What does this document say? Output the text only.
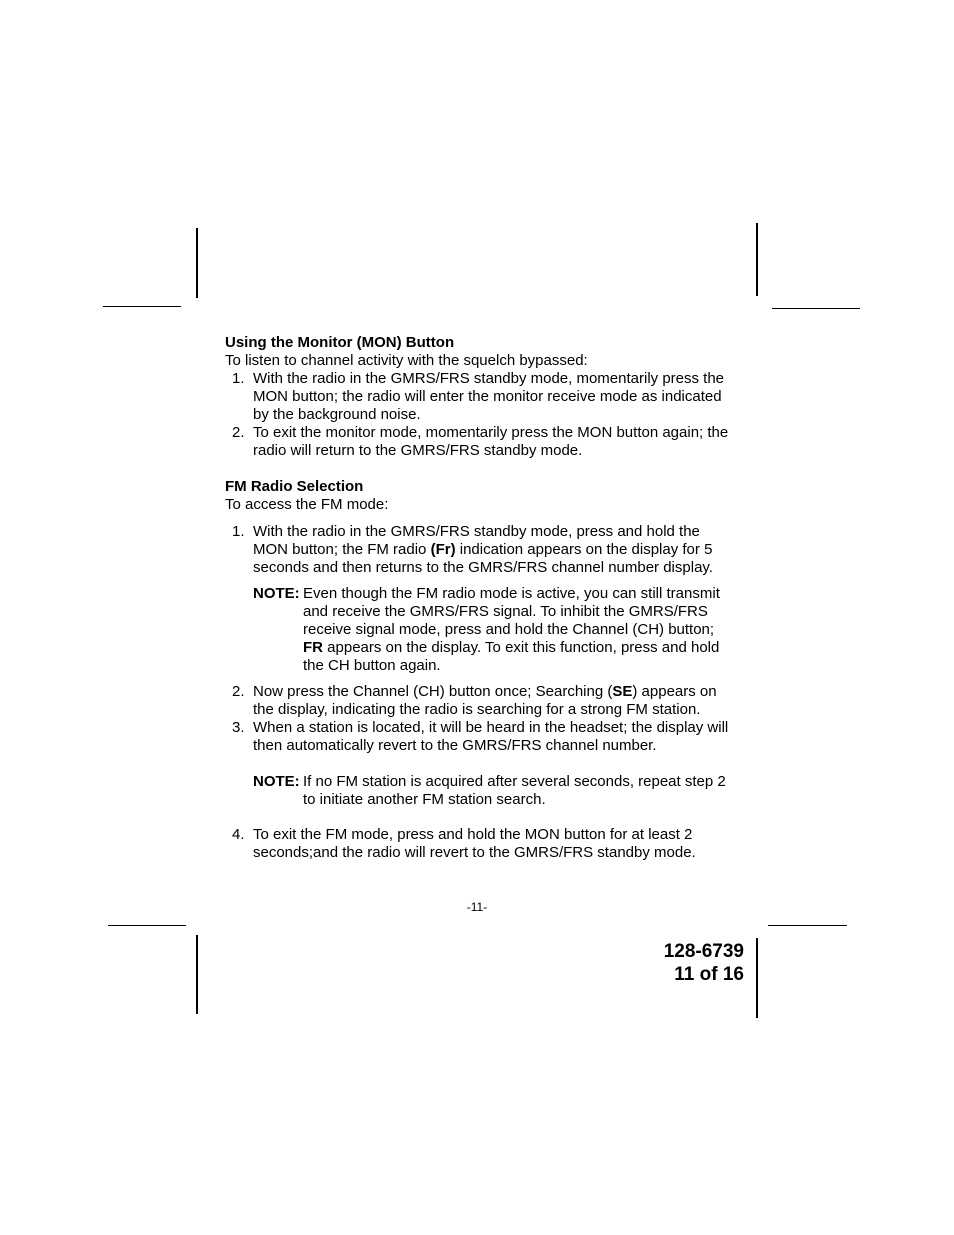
Using the Monitor (MON) Button

To listen to channel activity with the squelch bypassed:

1. With the radio in the GMRS/FRS standby mode, momentarily press the MON button; the radio will enter the monitor receive mode as indicated by the background noise.
2. To exit the monitor mode, momentarily press the MON button again; the radio will return to the GMRS/FRS standby mode.

FM Radio Selection

To access the FM mode:

1. With the radio in the GMRS/FRS standby mode, press and hold the MON button; the FM radio (Fr) indication appears on the display for 5 seconds and then returns to the GMRS/FRS channel number display.
NOTE: Even though the FM radio mode is active, you can still transmit and receive the GMRS/FRS signal. To inhibit the GMRS/FRS receive signal mode, press and hold the Channel (CH) button; FR appears on the display. To exit this function, press and hold the CH button again.
2. Now press the Channel (CH) button once; Searching (SE) appears on the display, indicating the radio is searching for a strong FM station.
3. When a station is located, it will be heard in the headset; the display will then automatically revert to the GMRS/FRS channel number.
NOTE: If no FM station is acquired after several seconds, repeat step 2 to initiate another FM station search.
4. To exit the FM mode, press and hold the MON button for at least 2 seconds;and the radio will revert to the GMRS/FRS standby mode.
-11-
128-6739
11 of 16
